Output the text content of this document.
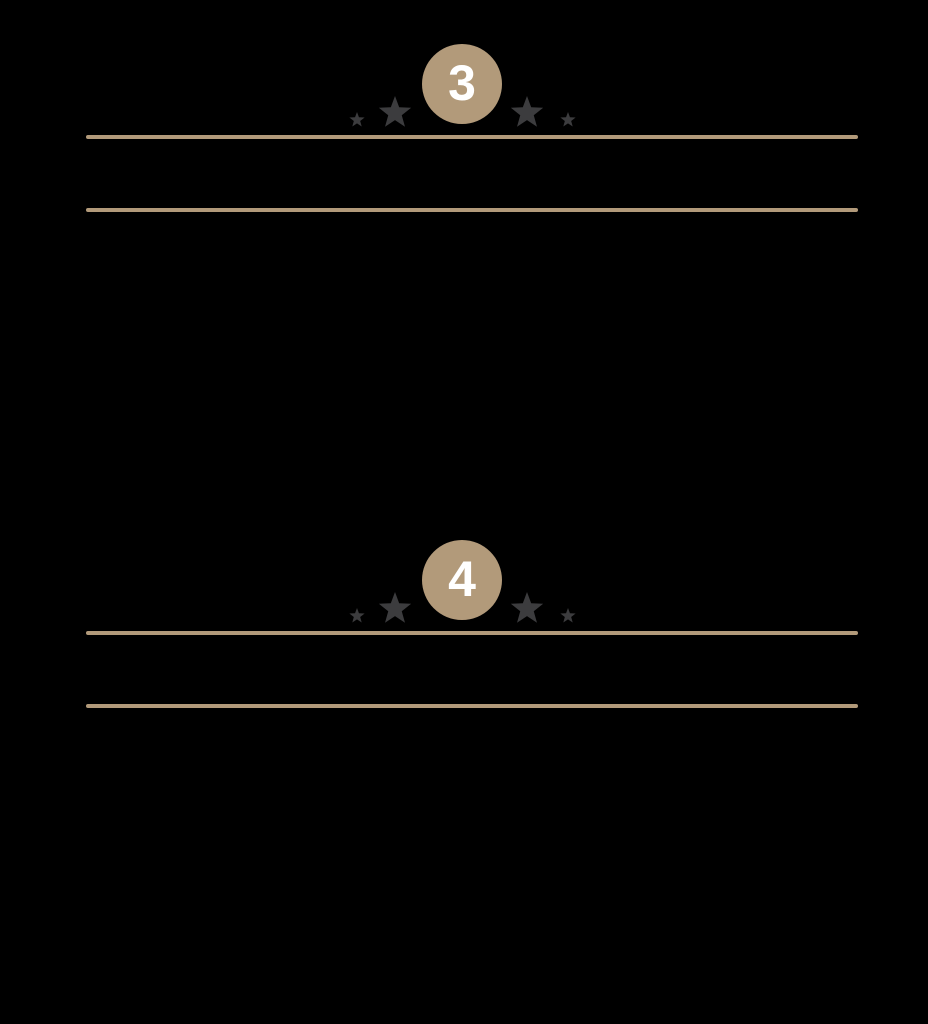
3
4
